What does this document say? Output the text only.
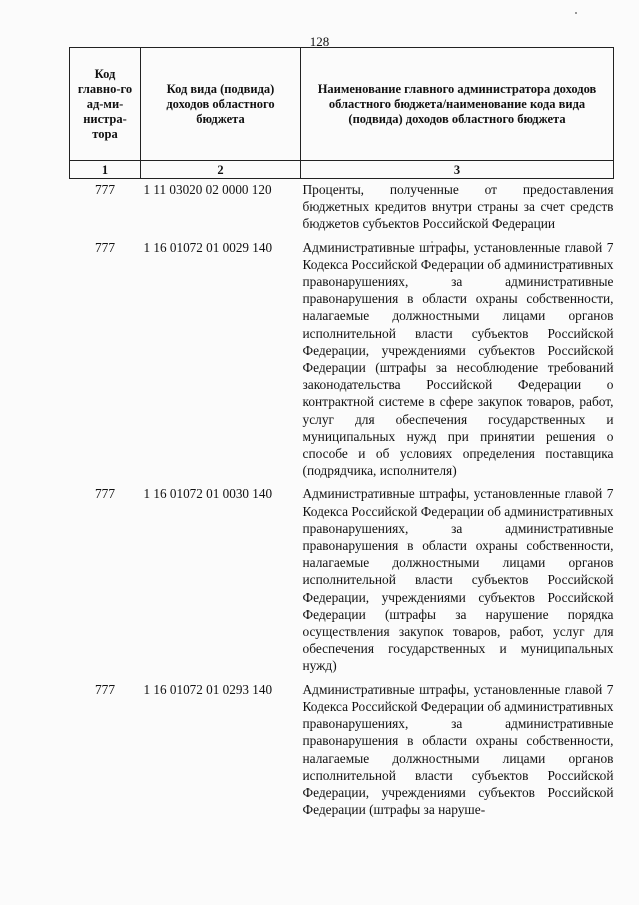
128
Код главно-го ад-ми-нистра-тора	Код вида (подвида) доходов областного бюджета	Наименование главного администратора доходов областного бюджета/наименование кода вида (подвида) доходов областного бюджета
1	2	3
777	1 11 03020 02 0000 120	Проценты, полученные от предоставления бюджетных кредитов внутри страны за счет средств бюджетов субъектов Российской Федерации
777	1 16 01072 01 0029 140	Административные штрафы, установленные главой 7 Кодекса Российской Федерации об административных правонарушениях, за административные правонарушения в области охраны собственности, налагаемые должностными лицами органов исполнительной власти субъектов Российской Федерации, учреждениями субъектов Российской Федерации (штрафы за несоблюдение требований законодательства Российской Федерации о контрактной системе в сфере закупок товаров, работ, услуг для обеспечения государственных и муниципальных нужд при принятии решения о способе и об условиях определения поставщика (подрядчика, исполнителя)
777	1 16 01072 01 0030 140	Административные штрафы, установленные главой 7 Кодекса Российской Федерации об административных правонарушениях, за административные правонарушения в области охраны собственности, налагаемые должностными лицами органов исполнительной власти субъектов Российской Федерации, учреждениями субъектов Российской Федерации (штрафы за нарушение порядка осуществления закупок товаров, работ, услуг для обеспечения государственных и муниципальных нужд)
777	1 16 01072 01 0293 140	Административные штрафы, установленные главой 7 Кодекса Российской Федерации об административных правонарушениях, за административные правонарушения в области охраны собственности, налагаемые должностными лицами органов исполнительной власти субъектов Российской Федерации, учреждениями субъектов Российской Федерации (штрафы за наруше-
